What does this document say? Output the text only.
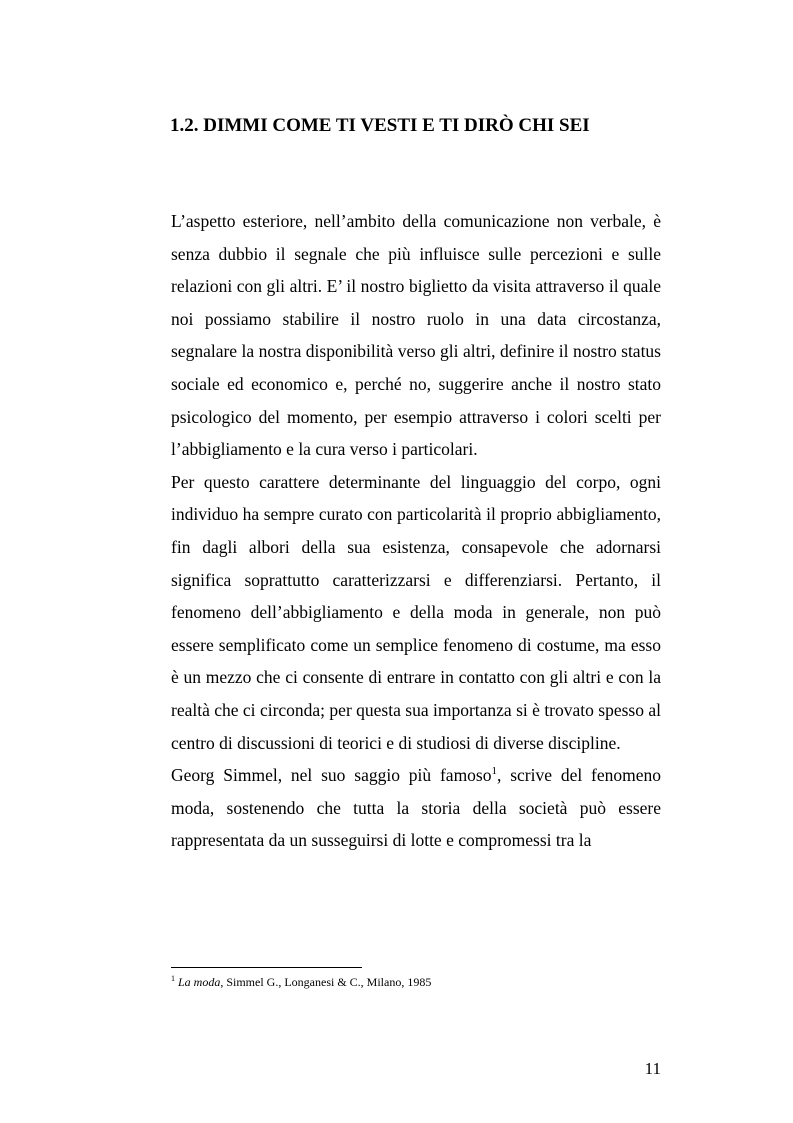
1.2. DIMMI COME TI VESTI E TI DIRÒ CHI SEI

L’aspetto esteriore, nell’ambito della comunicazione non verbale, è senza dubbio il segnale che più influisce sulle percezioni e sulle relazioni con gli altri. E’ il nostro biglietto da visita attraverso il quale noi possiamo stabilire il nostro ruolo in una data circostanza, segnalare la nostra disponibilità verso gli altri, definire il nostro status sociale ed economico e, perché no, suggerire anche il nostro stato psicologico del momento, per esempio attraverso i colori scelti per l’abbigliamento e la cura verso i particolari.

Per questo carattere determinante del linguaggio del corpo, ogni individuo ha sempre curato con particolarità il proprio abbigliamento, fin dagli albori della sua esistenza, consapevole che adornarsi significa soprattutto caratterizzarsi e differenziarsi. Pertanto, il fenomeno dell’abbigliamento e della moda in generale, non può essere semplificato come un semplice fenomeno di costume, ma esso è un mezzo che ci consente di entrare in contatto con gli altri e con la realtà che ci circonda; per questa sua importanza si è trovato spesso al centro di discussioni di teorici e di studiosi di diverse discipline.

Georg Simmel, nel suo saggio più famoso$^1$, scrive del fenomeno moda, sostenendo che tutta la storia della società può essere rappresentata da un susseguirsi di lotte e compromessi tra la

$^1$ La moda, Simmel G., Longanesi & C., Milano, 1985

11
